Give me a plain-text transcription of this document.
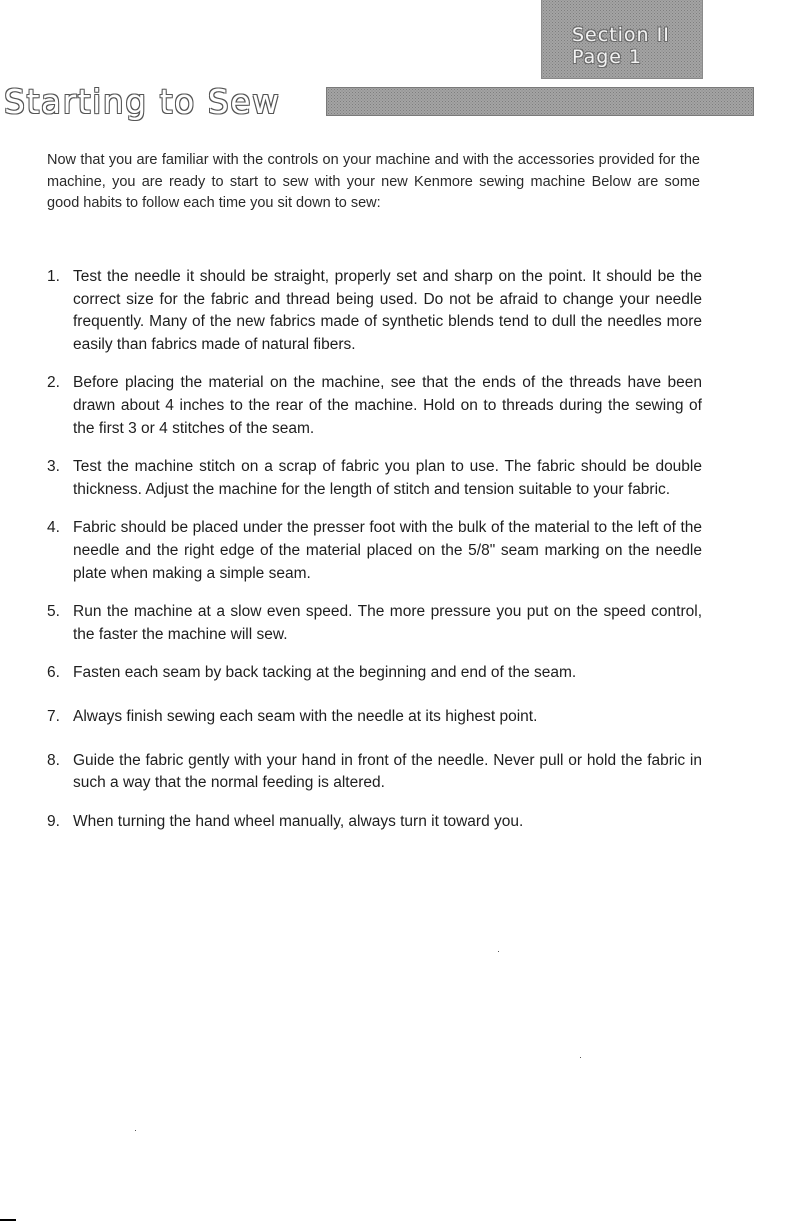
Section II
Page 1
Starting to Sew

Now that you are familiar with the controls on your machine and with the accessories provided for the machine, you are ready to start to sew with your new Kenmore sewing machine Below are some good habits to follow each time you sit down to sew:

1. Test the needle it should be straight, properly set and sharp on the point. It should be the correct size for the fabric and thread being used. Do not be afraid to change your needle frequently. Many of the new fabrics made of synthetic blends tend to dull the needles more easily than fabrics made of natural fibers.
2. Before placing the material on the machine, see that the ends of the threads have been drawn about 4 inches to the rear of the machine. Hold on to threads during the sewing of the first 3 or 4 stitches of the seam.
3. Test the machine stitch on a scrap of fabric you plan to use. The fabric should be double thickness. Adjust the machine for the length of stitch and tension suitable to your fabric.
4. Fabric should be placed under the presser foot with the bulk of the material to the left of the needle and the right edge of the material placed on the 5/8" seam marking on the needle plate when making a simple seam.
5. Run the machine at a slow even speed. The more pressure you put on the speed control, the faster the machine will sew.
6. Fasten each seam by back tacking at the beginning and end of the seam.
7. Always finish sewing each seam with the needle at its highest point.
8. Guide the fabric gently with your hand in front of the needle. Never pull or hold the fabric in such a way that the normal feeding is altered.
9. When turning the hand wheel manually, always turn it toward you.
